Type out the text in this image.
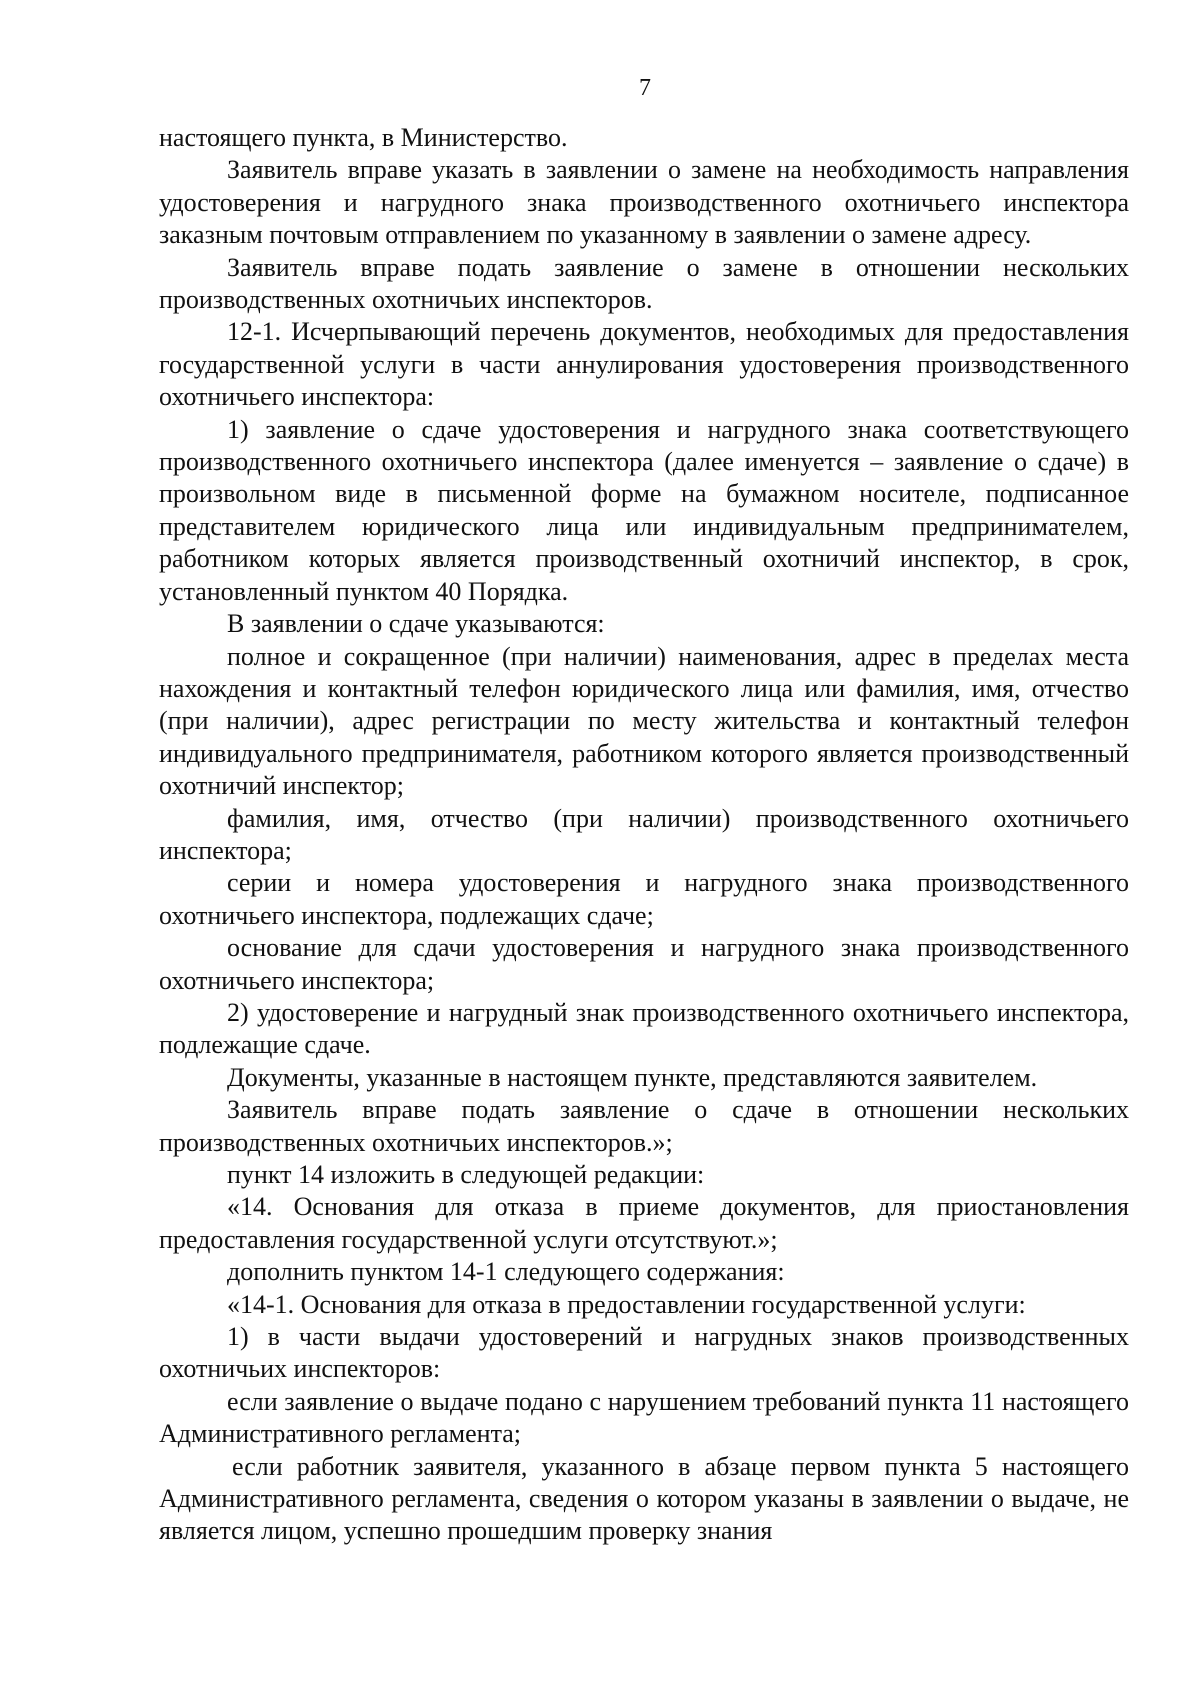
7

настоящего пункта, в Министерство.

Заявитель вправе указать в заявлении о замене на необходимость направления удостоверения и нагрудного знака производственного охотничьего инспектора заказным почтовым отправлением по указанному в заявлении о замене адресу.

Заявитель вправе подать заявление о замене в отношении нескольких производственных охотничьих инспекторов.

12-1. Исчерпывающий перечень документов, необходимых для предоставления государственной услуги в части аннулирования удостоверения производственного охотничьего инспектора:

1) заявление о сдаче удостоверения и нагрудного знака соответствующего производственного охотничьего инспектора (далее именуется – заявление о сдаче) в произвольном виде в письменной форме на бумажном носителе, подписанное представителем юридического лица или индивидуальным предпринимателем, работником которых является производственный охотничий инспектор, в срок, установленный пунктом 40 Порядка.

В заявлении о сдаче указываются:

полное и сокращенное (при наличии) наименования, адрес в пределах места нахождения и контактный телефон юридического лица или фамилия, имя, отчество (при наличии), адрес регистрации по месту жительства и контактный телефон индивидуального предпринимателя, работником которого является производственный охотничий инспектор;

фамилия, имя, отчество (при наличии) производственного охотничьего инспектора;

серии и номера удостоверения и нагрудного знака производственного охотничьего инспектора, подлежащих сдаче;

основание для сдачи удостоверения и нагрудного знака производственного охотничьего инспектора;

2) удостоверение и нагрудный знак производственного охотничьего инспектора, подлежащие сдаче.

Документы, указанные в настоящем пункте, представляются заявителем.

Заявитель вправе подать заявление о сдаче в отношении нескольких производственных охотничьих инспекторов.»;

пункт 14 изложить в следующей редакции:

«14. Основания для отказа в приеме документов, для приостановления предоставления государственной услуги отсутствуют.»;

дополнить пунктом 14-1 следующего содержания:

«14-1. Основания для отказа в предоставлении государственной услуги:

1) в части выдачи удостоверений и нагрудных знаков производственных охотничьих инспекторов:

если заявление о выдаче подано с нарушением требований пункта 11 настоящего Административного регламента;

если работник заявителя, указанного в абзаце первом пункта 5 настоящего Административного регламента, сведения о котором указаны в заявлении о выдаче, не является лицом, успешно прошедшим проверку знания
